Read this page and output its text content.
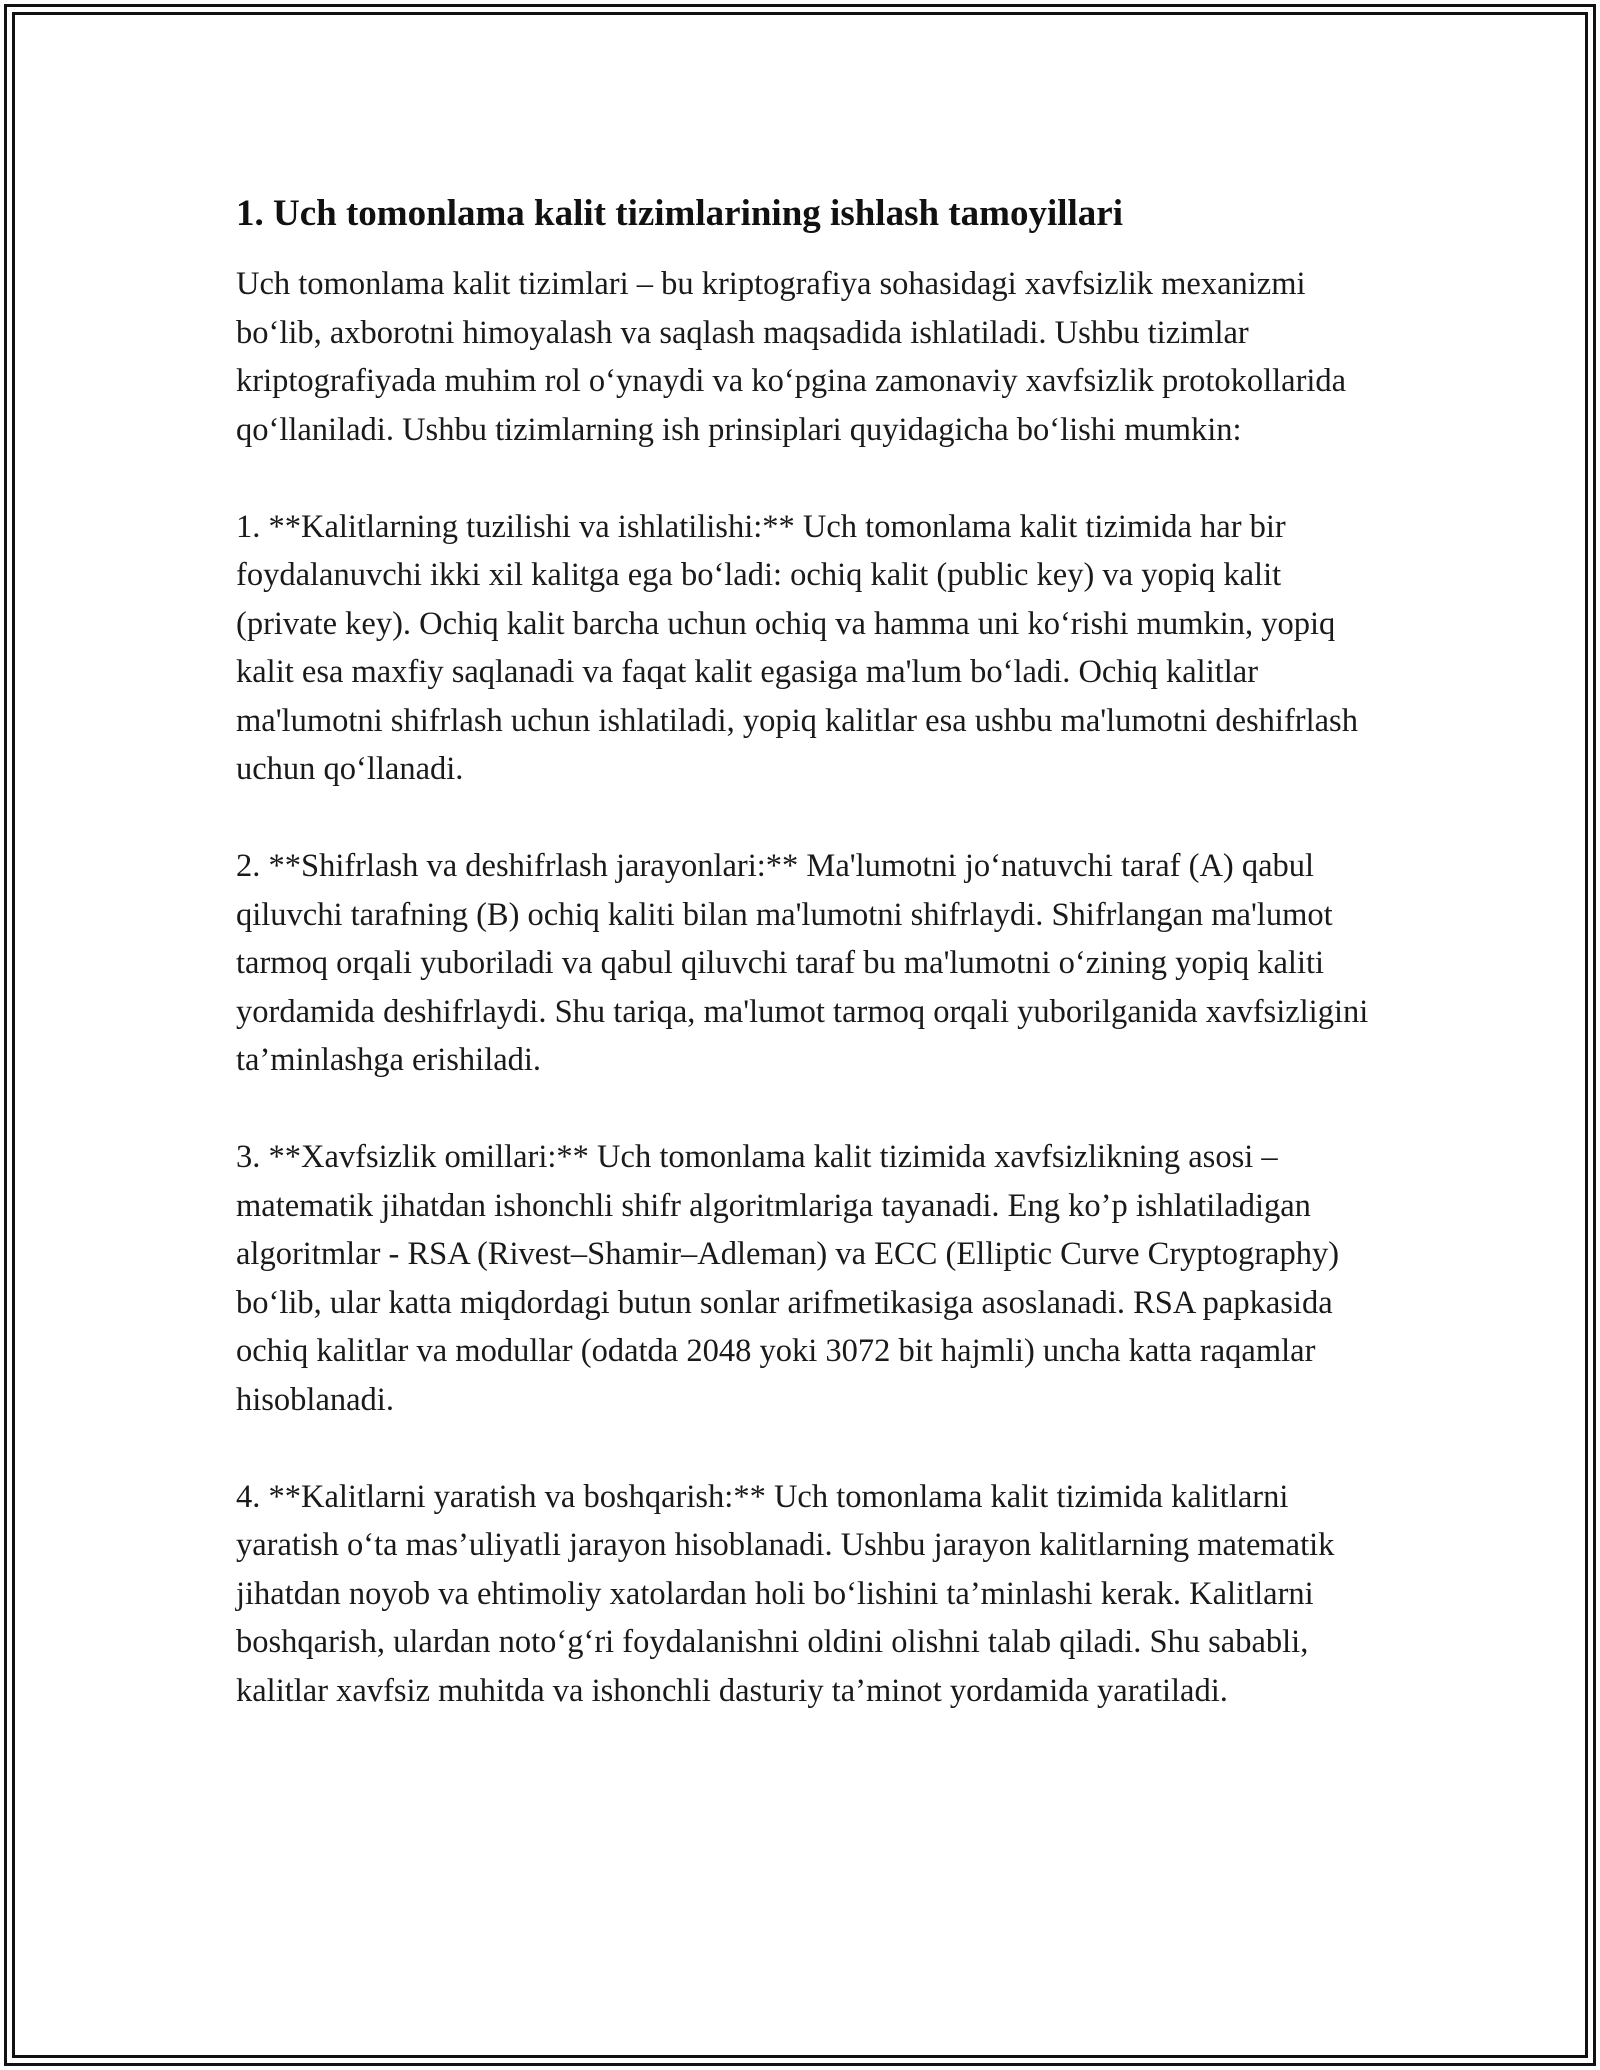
1. Uch tomonlama kalit tizimlarining ishlash tamoyillari

Uch tomonlama kalit tizimlari – bu kriptografiya sohasidagi xavfsizlik mexanizmi bo‘lib, axborotni himoyalash va saqlash maqsadida ishlatiladi. Ushbu tizimlar kriptografiyada muhim rol o‘ynaydi va ko‘pgina zamonaviy xavfsizlik protokollarida qo‘llaniladi. Ushbu tizimlarning ish prinsiplari quyidagicha bo‘lishi mumkin:

1. **Kalitlarning tuzilishi va ishlatilishi:** Uch tomonlama kalit tizimida har bir foydalanuvchi ikki xil kalitga ega bo‘ladi: ochiq kalit (public key) va yopiq kalit (private key). Ochiq kalit barcha uchun ochiq va hamma uni ko‘rishi mumkin, yopiq kalit esa maxfiy saqlanadi va faqat kalit egasiga ma'lum bo‘ladi. Ochiq kalitlar ma'lumotni shifrlash uchun ishlatiladi, yopiq kalitlar esa ushbu ma'lumotni deshifrlash uchun qo‘llanadi.

2. **Shifrlash va deshifrlash jarayonlari:** Ma'lumotni jo‘natuvchi taraf (A) qabul qiluvchi tarafning (B) ochiq kaliti bilan ma'lumotni shifrlaydi. Shifrlangan ma'lumot tarmoq orqali yuboriladi va qabul qiluvchi taraf bu ma'lumotni o‘zining yopiq kaliti yordamida deshifrlaydi. Shu tariqa, ma'lumot tarmoq orqali yuborilganida xavfsizligini ta’minlashga erishiladi.

3. **Xavfsizlik omillari:** Uch tomonlama kalit tizimida xavfsizlikning asosi – matematik jihatdan ishonchli shifr algoritmlariga tayanadi. Eng ko’p ishlatiladigan algoritmlar - RSA (Rivest–Shamir–Adleman) va ECC (Elliptic Curve Cryptography) bo‘lib, ular katta miqdordagi butun sonlar arifmetikasiga asoslanadi. RSA papkasida ochiq kalitlar va modullar (odatda 2048 yoki 3072 bit hajmli) uncha katta raqamlar hisoblanadi.

4. **Kalitlarni yaratish va boshqarish:** Uch tomonlama kalit tizimida kalitlarni yaratish o‘ta mas’uliyatli jarayon hisoblanadi. Ushbu jarayon kalitlarning matematik jihatdan noyob va ehtimoliy xatolardan holi bo‘lishini ta’minlashi kerak. Kalitlarni boshqarish, ulardan noto‘g‘ri foydalanishni oldini olishni talab qiladi. Shu sababli, kalitlar xavfsiz muhitda va ishonchli dasturiy ta’minot yordamida yaratiladi.
